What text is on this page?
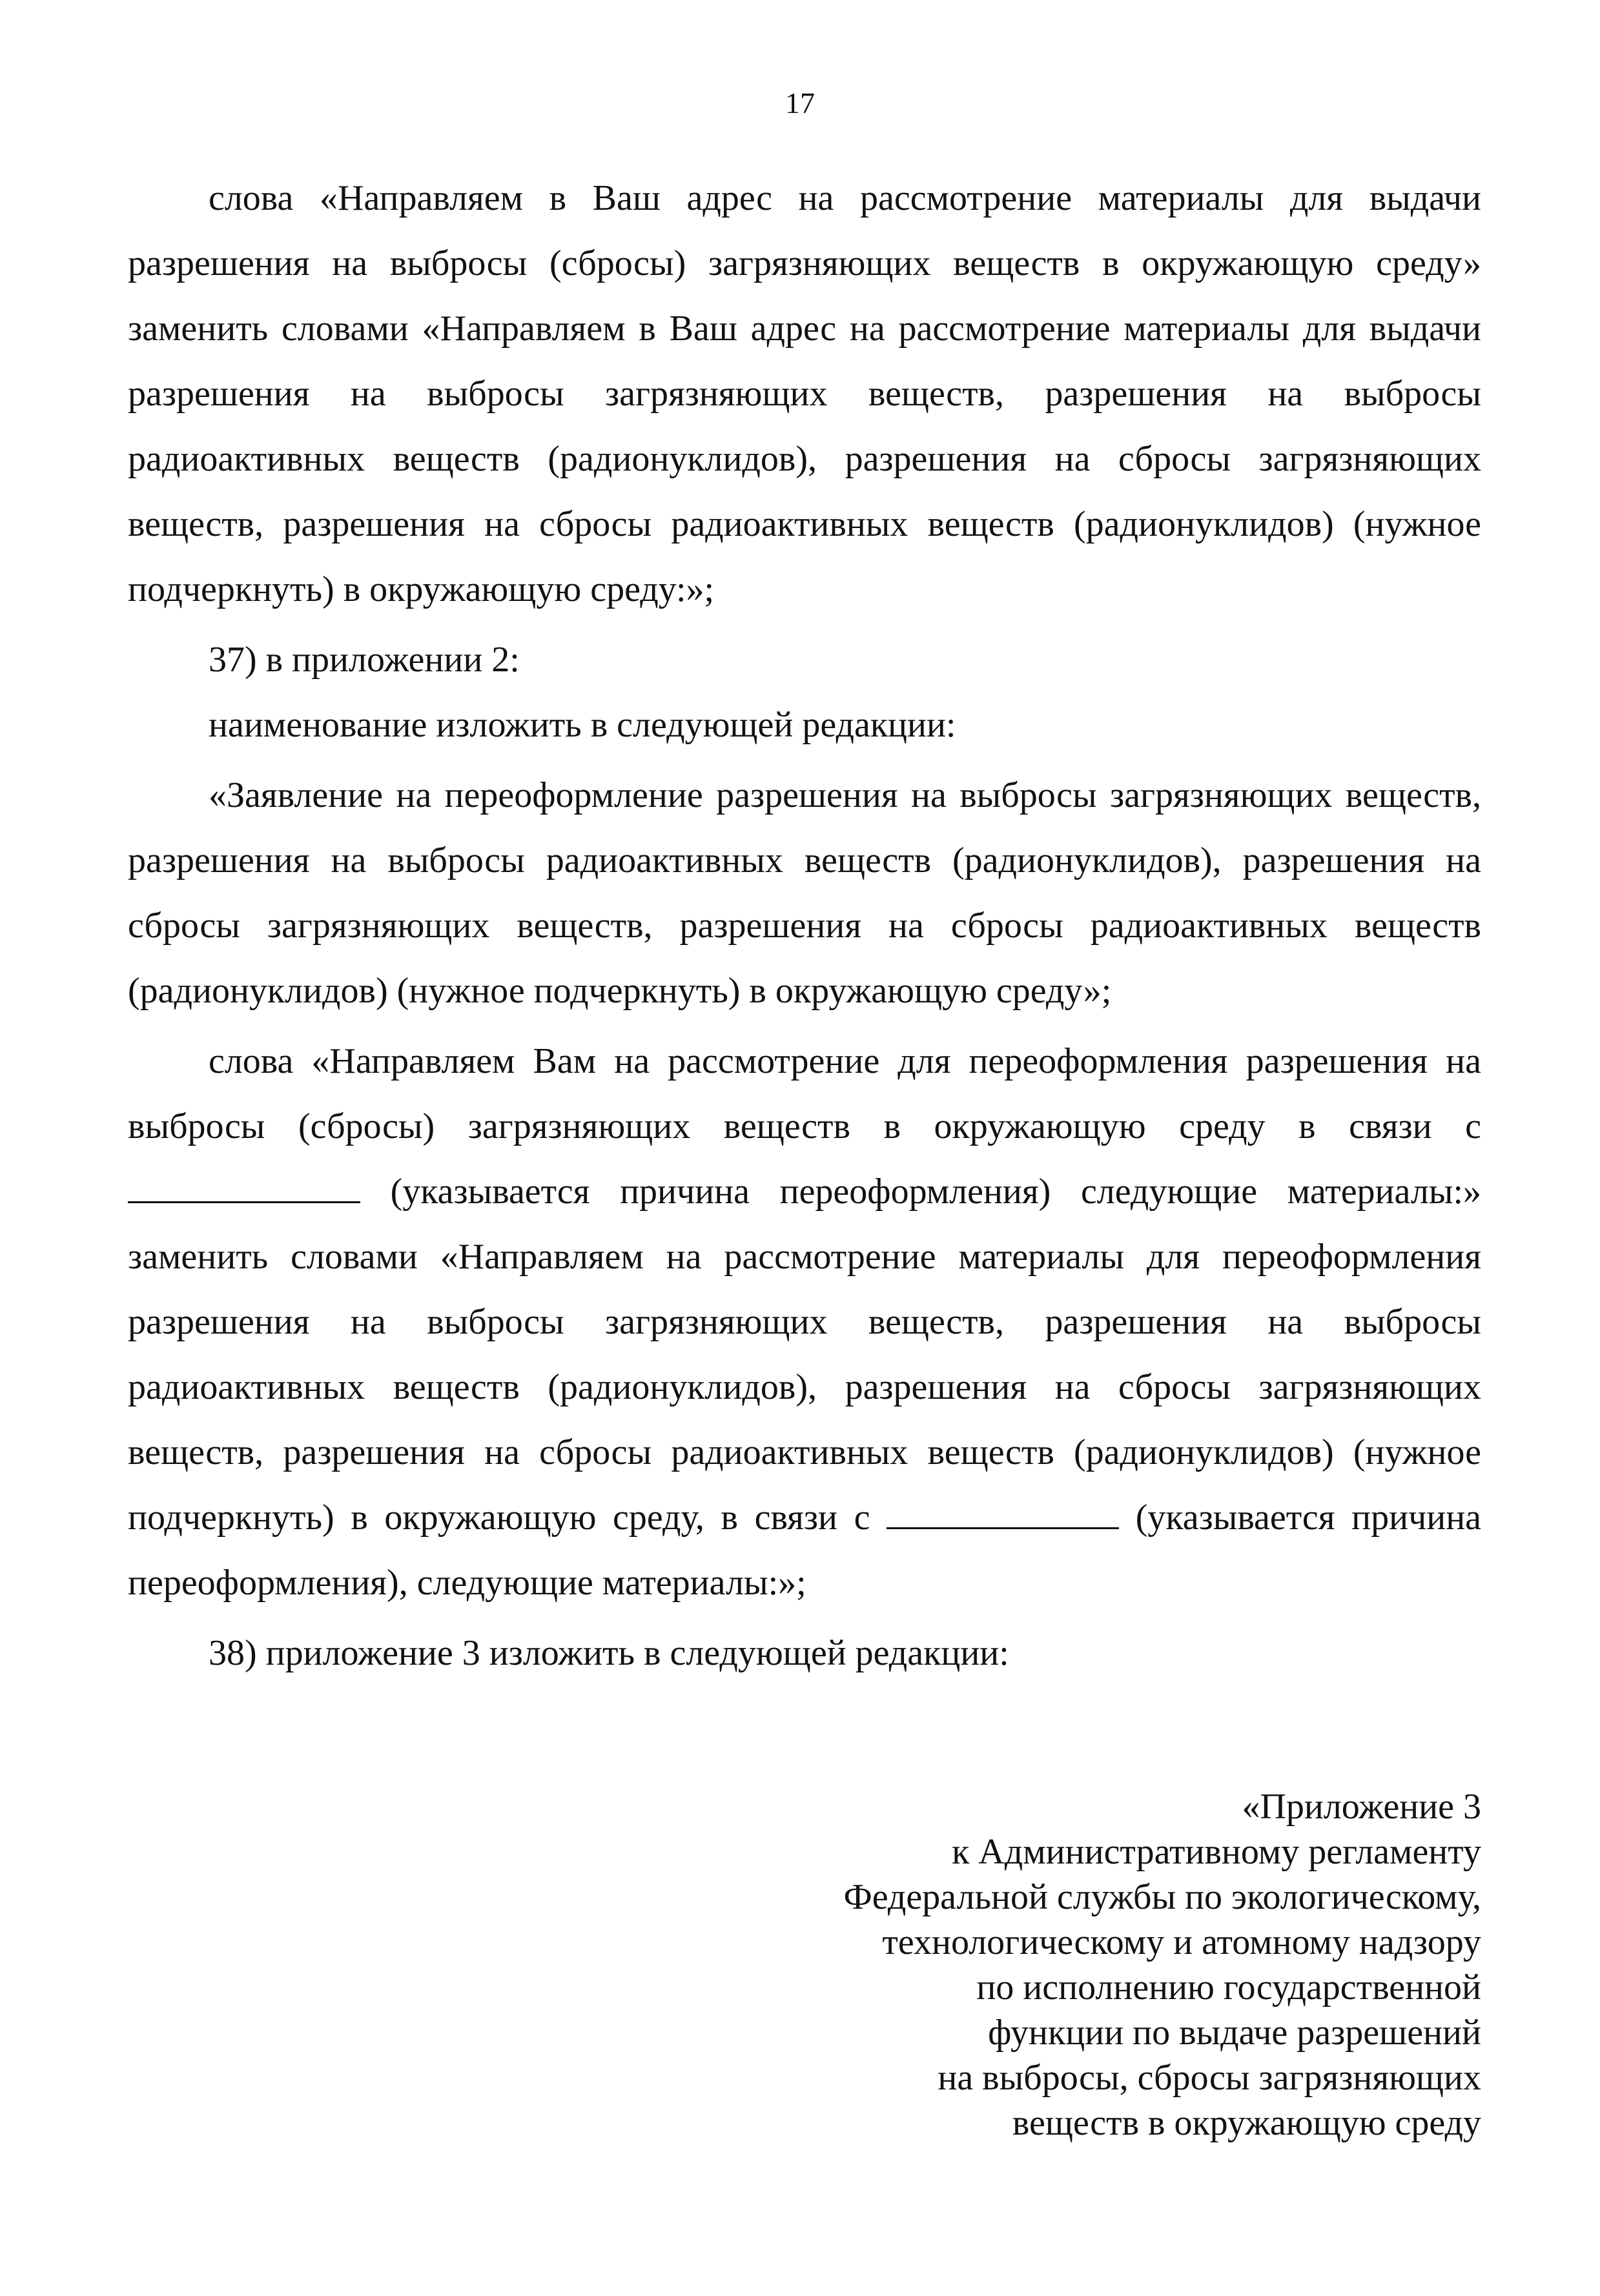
17

слова «Направляем в Ваш адрес на рассмотрение материалы для выдачи разрешения на выбросы (сбросы) загрязняющих веществ в окружающую среду» заменить словами «Направляем в Ваш адрес на рассмотрение материалы для выдачи разрешения на выбросы загрязняющих веществ, разрешения на выбросы радиоактивных веществ (радионуклидов), разрешения на сбросы загрязняющих веществ, разрешения на сбросы радиоактивных веществ (радионуклидов) (нужное подчеркнуть) в окружающую среду:»;

37) в приложении 2:

наименование изложить в следующей редакции:

«Заявление на переоформление разрешения на выбросы загрязняющих веществ, разрешения на выбросы радиоактивных веществ (радионуклидов), разрешения на сбросы загрязняющих веществ, разрешения на сбросы радиоактивных веществ (радионуклидов) (нужное подчеркнуть) в окружающую среду»;

слова «Направляем Вам на рассмотрение для переоформления разрешения на выбросы (сбросы) загрязняющих веществ в окружающую среду в связи с  (указывается причина переоформления) следующие материалы:» заменить словами «Направляем на рассмотрение материалы для переоформления разрешения на выбросы загрязняющих веществ, разрешения на выбросы радиоактивных веществ (радионуклидов), разрешения на сбросы загрязняющих веществ, разрешения на сбросы радиоактивных веществ (радионуклидов) (нужное подчеркнуть) в окружающую среду, в связи с	(указывается причина переоформления), следующие материалы:»;

38) приложение 3 изложить в следующей редакции:

«Приложение 3
к Административному регламенту
Федеральной службы по экологическому,
технологическому и атомному надзору
по исполнению государственной
функции по выдаче разрешений
на выбросы, сбросы загрязняющих
веществ в окружающую среду
